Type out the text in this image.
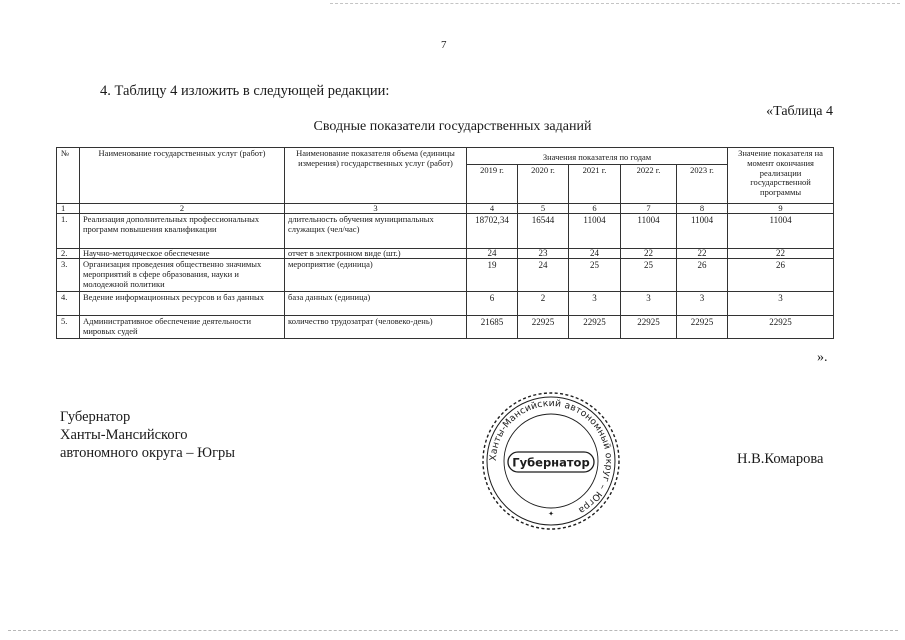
7
4. Таблицу 4 изложить в следующей редакции:
«Таблица 4
Сводные показатели государственных заданий
№	Наименование государственных услуг (работ)	Наименование показателя объема (единицы измерения) государственных услуг (работ)	Значения показателя по годам					Значение показателя на момент окончания реализации государственной программы
			2019 г.	2020 г.	2021 г.	2022 г.	2023 г.	
1	2	3	4	5	6	7	8	9
1.	Реализация дополнительных профессиональных программ повышения квалификации	длительность обучения муниципальных служащих (чел/час)	18702,34	16544	11004	11004	11004	11004
2.	Научно-методическое обеспечение	отчет в электронном виде (шт.)	24	23	24	22	22	22
3.	Организация проведения общественно значимых мероприятий в сфере образования, науки и молодежной политики	мероприятие (единица)	19	24	25	25	26	26
4.	Ведение информационных ресурсов и баз данных	база данных (единица)	6	2	3	3	3	3
5.	Административное обеспечение деятельности мировых судей	количество трудозатрат (человеко-день)	21685	22925	22925	22925	22925	22925
».
Губернатор
Ханты-Мансийского
автономного округа – Югры	Ханты-Мансийский автономный округ – Югра
Губернатор
✦
Н.В.Комарова
